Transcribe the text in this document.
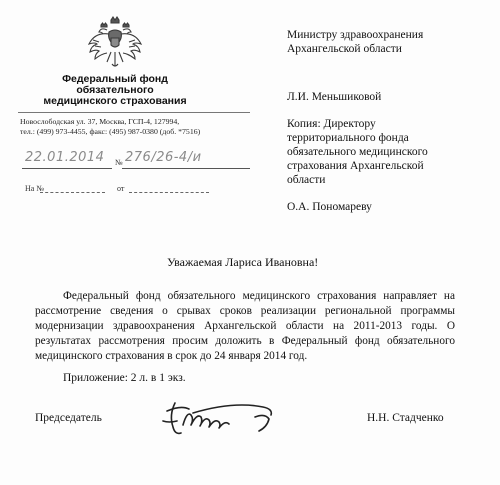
Федеральный фонд
обязательного
медицинского страхования
Новослободская ул. 37, Москва, ГСП-4, 127994,
тел.: (499) 973-4455, факс: (495) 987-0380 (доб. *7516)
22.01.2014 № 276/26-4/и
На №	от
Министру здравоохранения
Архангельской области
Л.И. Меньшиковой
Копия: Директору
территориального фонда
обязательного медицинского
страхования Архангельской
области
О.А. Пономареву
Уважаемая Лариса Ивановна!
Федеральный фонд обязательного медицинского страхования направляет на рассмотрение сведения о срывах сроков реализации региональной программы модернизации здравоохранения Архангельской области на 2011-2013 годы. О результатах рассмотрения просим доложить в Федеральный фонд обязательного медицинского страхования в срок до 24 января 2014 год.
Приложение: 2 л. в 1 экз.
Председатель	Н.Н. Стадченко
